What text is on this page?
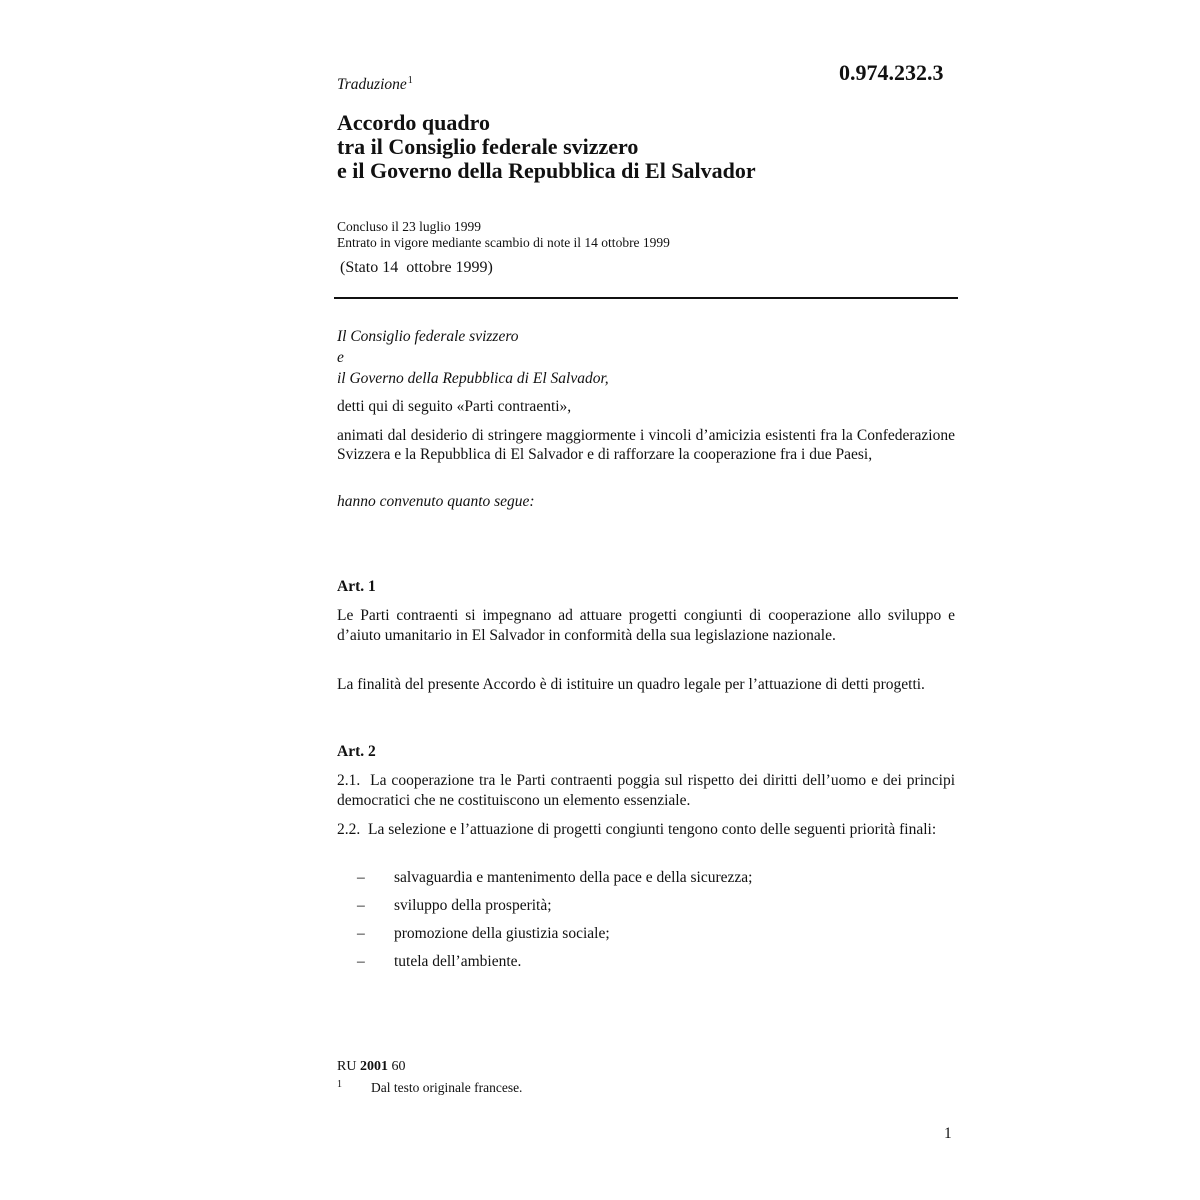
0.974.232.3
Traduzione$^1$
Accordo quadro
tra il Consiglio federale svizzero
e il Governo della Repubblica di El Salvador
Concluso il 23 luglio 1999
Entrato in vigore mediante scambio di note il 14 ottobre 1999
(Stato 14  ottobre 1999)

Il Consiglio federale svizzero

e

il Governo della Repubblica di El Salvador,

detti qui di seguito «Parti contraenti»,

animati dal desiderio di stringere maggiormente i vincoli d’amicizia esistenti fra la Confederazione Svizzera e la Repubblica di El Salvador e di rafforzare la cooperazione fra i due Paesi,

hanno convenuto quanto segue:

Art. 1

Le Parti contraenti si impegnano ad attuare progetti congiunti di cooperazione allo sviluppo e d’aiuto umanitario in El Salvador in conformità della sua legislazione nazionale.

La finalità del presente Accordo è di istituire un quadro legale per l’attuazione di detti progetti.

Art. 2

2.1.  La cooperazione tra le Parti contraenti poggia sul rispetto dei diritti dell’uomo e dei principi democratici che ne costituiscono un elemento essenziale.

2.2.  La selezione e l’attuazione di progetti congiunti tengono conto delle seguenti priorità finali:

– salvaguardia e mantenimento della pace e della sicurezza;
– sviluppo della prosperità;
– promozione della giustizia sociale;
– tutela dell’ambiente.
RU 2001 60
1 Dal testo originale francese.
1
